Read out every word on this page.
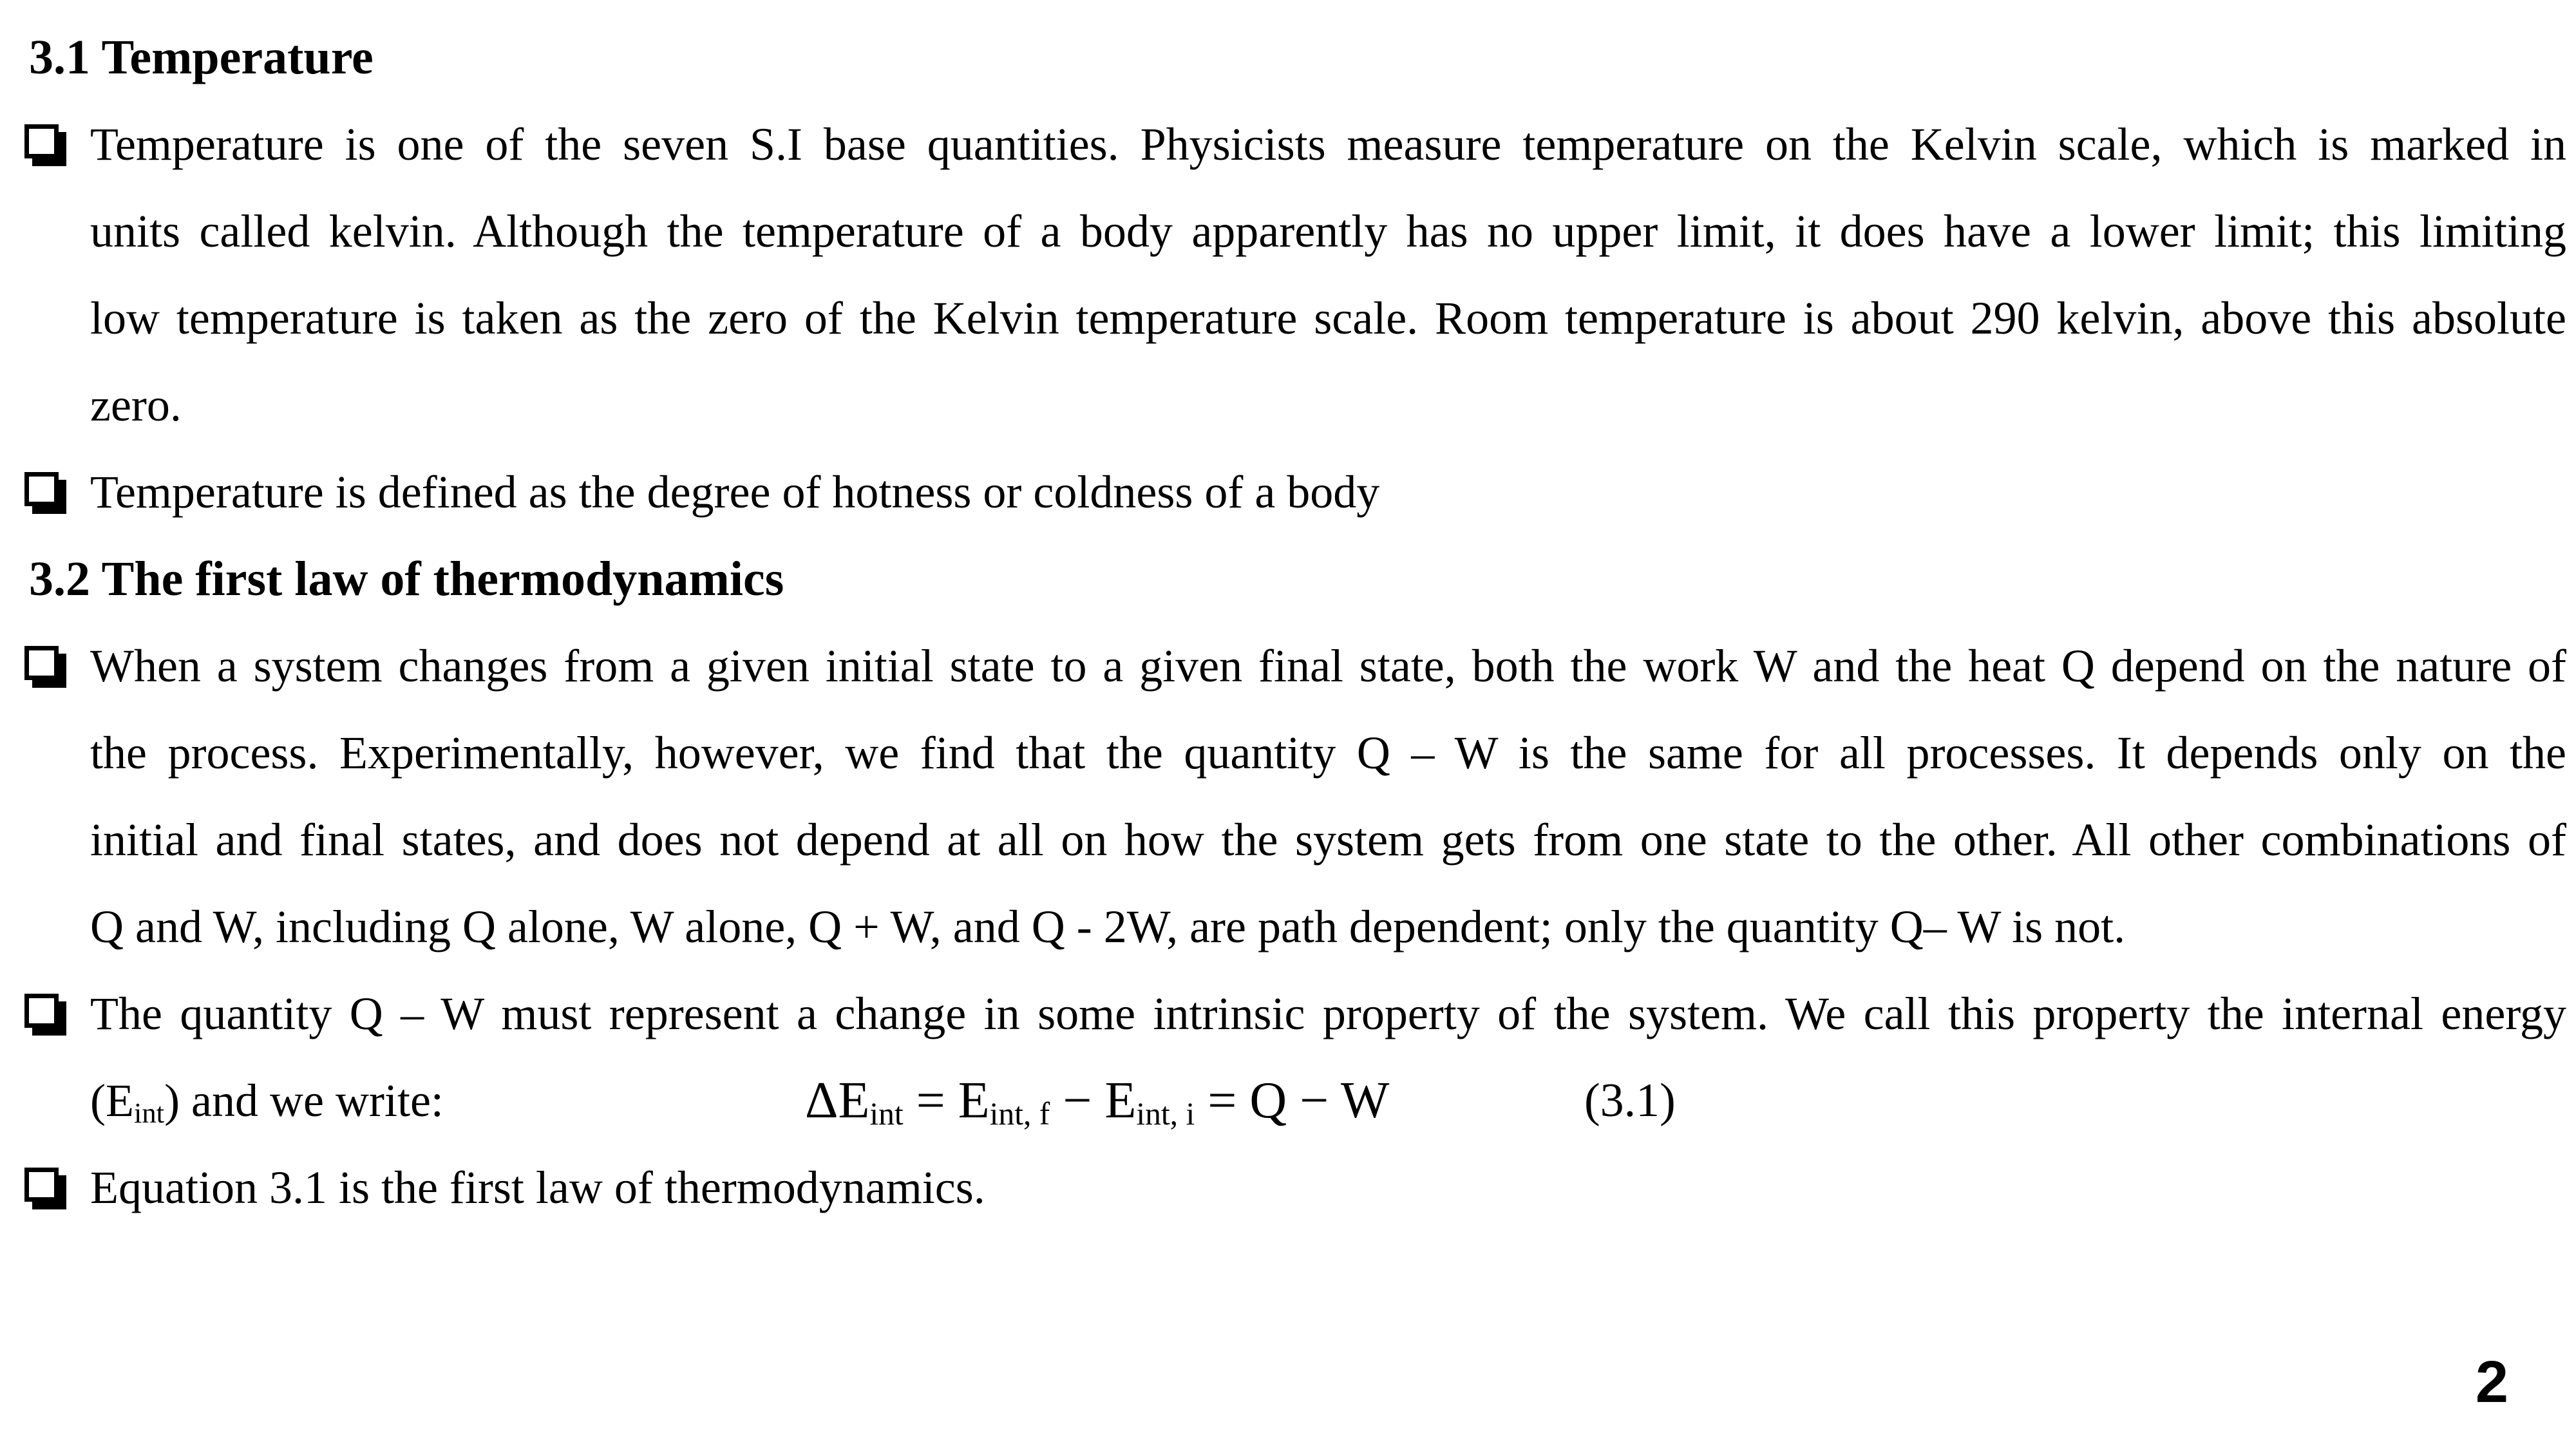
3.1 Temperature
Temperature is one of the seven S.I base quantities. Physicists measure temperature on the Kelvin scale, which is marked in
units called kelvin. Although the temperature of a body apparently has no upper limit, it does have a lower limit; this limiting
low temperature is taken as the zero of the Kelvin temperature scale. Room temperature is about 290 kelvin, above this absolute
zero.
Temperature is defined as the degree of hotness or coldness of a body
3.2 The first law of thermodynamics
When a system changes from a given initial state to a given final state, both the work W and the heat Q depend on the nature of
the process. Experimentally, however, we find that the quantity Q – W is the same for all processes. It depends only on the
initial and final states, and does not depend at all on how the system gets from one state to the other. All other combinations of
Q and W, including Q alone, W alone, Q + W, and Q - 2W, are path dependent; only the quantity Q– W is not.
The quantity Q – W must represent a change in some intrinsic property of the system. We call this property the internal energy
$(E_{int})$ and we write:	$\Delta E_{int} = E_{int, f} - E_{int, i} = Q - W$	(3.1)
Equation 3.1 is the first law of thermodynamics.
2
